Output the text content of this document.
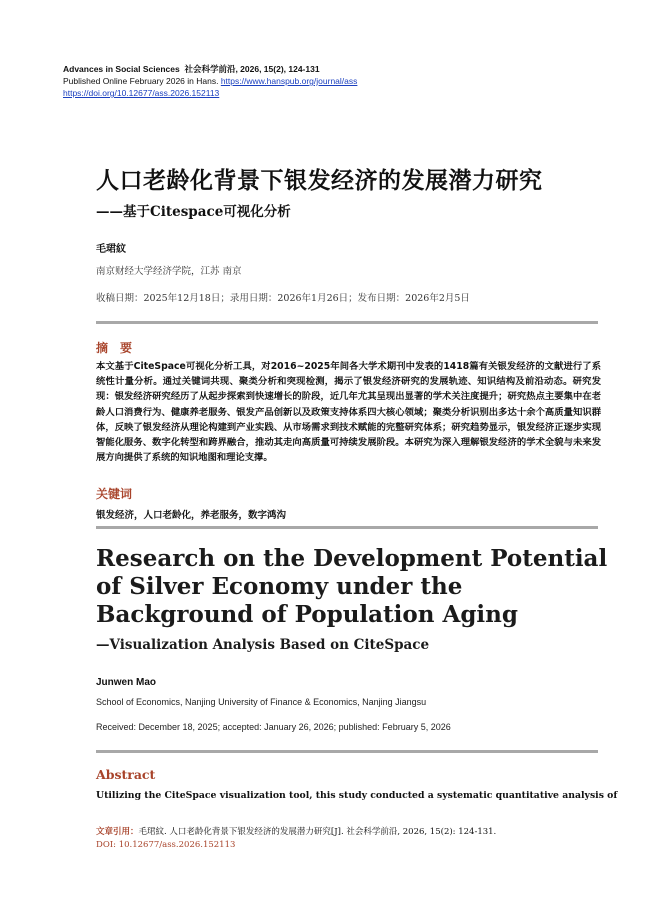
Advances in Social Sciences 社会科学前沿, 2026, 15(2), 124-131
Published Online February 2026 in Hans. https://www.hanspub.org/journal/ass
https://doi.org/10.12677/ass.2026.152113
人口老龄化背景下银发经济的发展潜力研究
——基于Citespace可视化分析
毛珺紋
南京财经大学经济学院，江苏 南京
收稿日期：2025年12月18日；录用日期：2026年1月26日；发布日期：2026年2月5日
摘　要
本文基于CiteSpace可视化分析工具，对2016~2025年间各大学术期刊中发表的1418篇有关银发经济的文献进行了系统性计量分析。通过关键词共现、聚类分析和突现检测，揭示了银发经济研究的发展轨迹、知识结构及前沿动态。研究发现：银发经济研究经历了从起步探索到快速增长的阶段，近几年尤其呈现出显著的学术关注度提升；研究热点主要集中在老龄人口消费行为、健康养老服务、银发产品创新以及政策支持体系四大核心领域；聚类分析识别出多达十余个高质量知识群体，反映了银发经济从理论构建到产业实践、从市场需求到技术赋能的完整研究体系；研究趋势显示，银发经济正逐步实现智能化服务、数字化转型和跨界融合，推动其走向高质量可持续发展阶段。本研究为深入理解银发经济的学术全貌与未来发展方向提供了系统的知识地图和理论支撑。
关键词
银发经济，人口老龄化，养老服务，数字鸿沟
Research on the Development Potential of Silver Economy under the Background of Population Aging
—Visualization Analysis Based on CiteSpace
Junwen Mao
School of Economics, Nanjing University of Finance & Economics, Nanjing Jiangsu
Received: December 18, 2025; accepted: January 26, 2026; published: February 5, 2026
Abstract
Utilizing the CiteSpace visualization tool, this study conducted a systematic quantitative analysis of
文章引用：毛珺紋. 人口老龄化背景下银发经济的发展潜力研究[J]. 社会科学前沿, 2026, 15(2): 124-131.
DOI: 10.12677/ass.2026.152113
